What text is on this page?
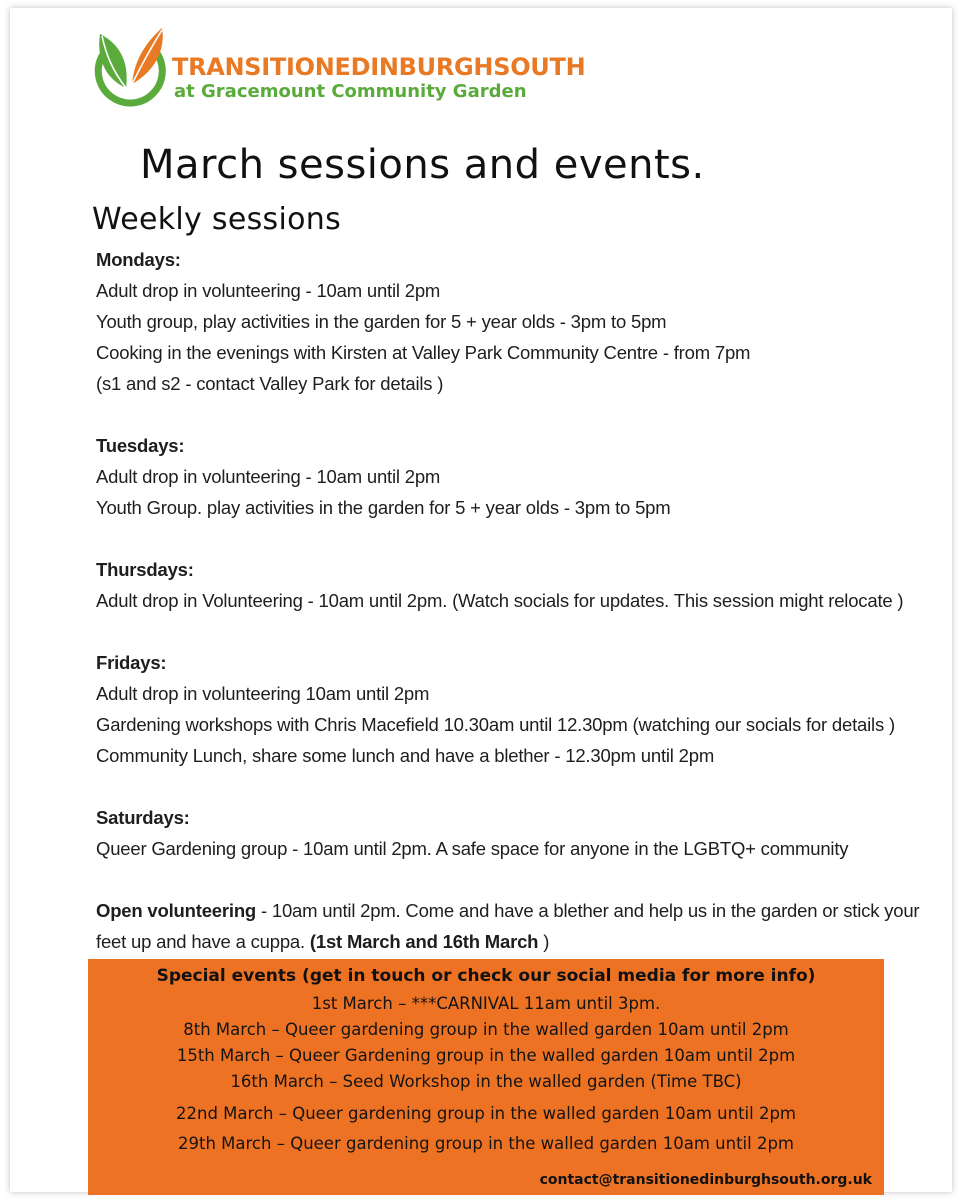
TRANSITIONEDINBURGHSOUTH
at Gracemount Community Garden
March sessions and events.
Weekly sessions
Mondays:
Adult drop in volunteering - 10am until 2pm
Youth group, play activities in the garden for 5 + year olds - 3pm to 5pm
Cooking in the evenings with Kirsten at Valley Park Community Centre - from 7pm
(s1 and s2 - contact Valley Park for details )
Tuesdays:
Adult drop in volunteering - 10am until 2pm
Youth Group. play activities in the garden for 5 + year olds - 3pm to 5pm
Thursdays:
Adult drop in Volunteering - 10am until 2pm. (Watch socials for updates. This session might relocate )
Fridays:
Adult drop in volunteering 10am until 2pm
Gardening workshops with Chris Macefield 10.30am until 12.30pm (watching our socials for details )
Community Lunch, share some lunch and have a blether - 12.30pm until 2pm
Saturdays:
Queer Gardening group - 10am until 2pm. A safe space for anyone in the LGBTQ+ community
Open volunteering - 10am until 2pm. Come and have a blether and help us in the garden or stick your feet up and have a cuppa. (1st March and 16th March )
Special events (get in touch or check our social media for more info)
1st March – ***CARNIVAL 11am until 3pm.
8th March – Queer gardening group in the walled garden 10am until 2pm
15th March – Queer Gardening group in the walled garden 10am until 2pm
16th March – Seed Workshop in the walled garden (Time TBC)
22nd March – Queer gardening group in the walled garden 10am until 2pm
29th March – Queer gardening group in the walled garden 10am until 2pm
contact@transitionedinburghsouth.org.uk
